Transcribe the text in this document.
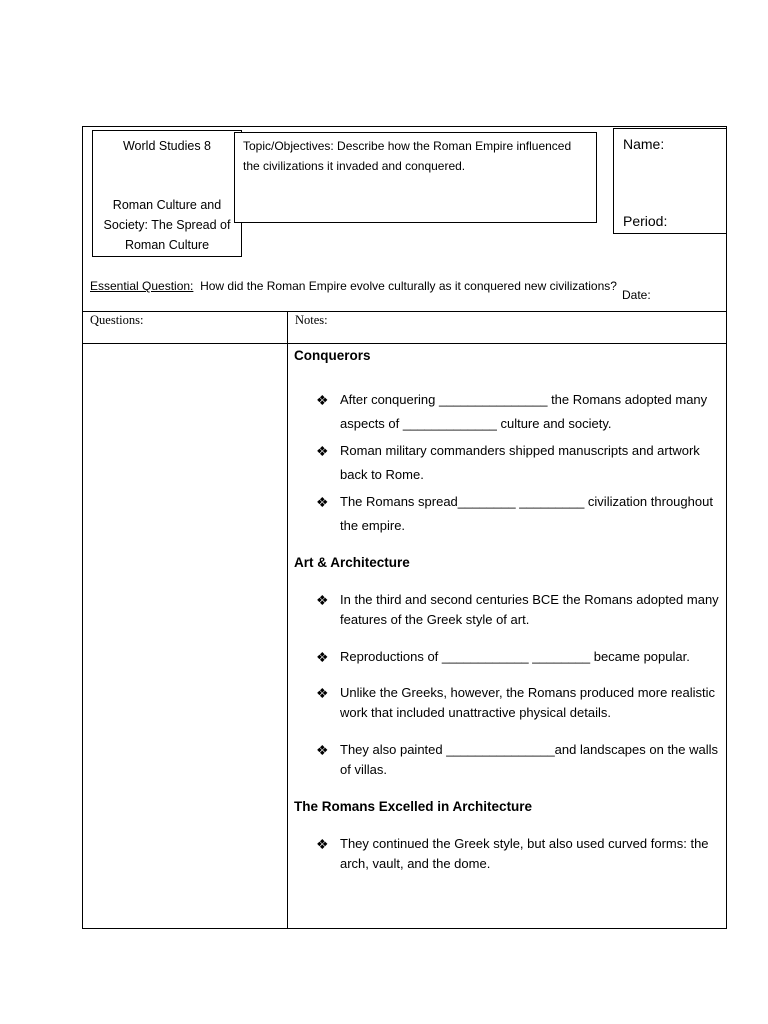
World Studies 8
Roman Culture and Society: The Spread of Roman Culture
Topic/Objectives: Describe how the Roman Empire influenced the civilizations it invaded and conquered.
Name:
Period:
Essential Question: How did the Roman Empire evolve culturally as it conquered new civilizations?
Date:
Questions:	Notes:
Conquerors
❖ After conquering _______________ the Romans adopted many aspects of _____________ culture and society.
❖ Roman military commanders shipped manuscripts and artwork back to Rome.
❖ The Romans spread________ _________ civilization throughout the empire.
Art & Architecture
❖ In the third and second centuries BCE the Romans adopted many features of the Greek style of art.
❖ Reproductions of ____________ ________ became popular.
❖ Unlike the Greeks, however, the Romans produced more realistic work that included unattractive physical details.
❖ They also painted _______________and landscapes on the walls of villas.
The Romans Excelled in Architecture
❖ They continued the Greek style, but also used curved forms: the arch, vault, and the dome.
